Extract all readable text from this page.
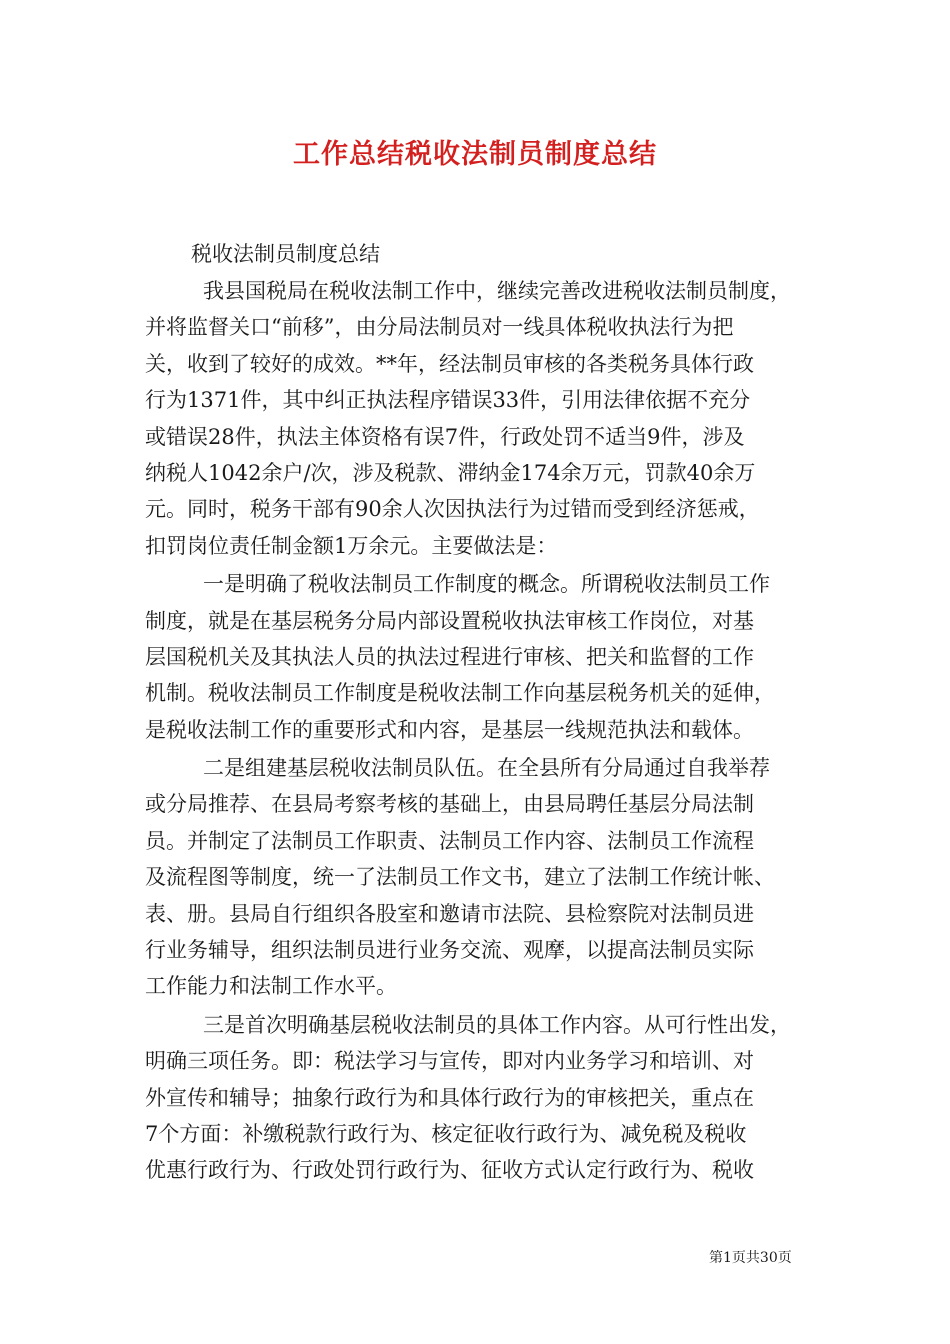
工作总结税收法制员制度总结
税收法制员制度总结
我县国税局在税收法制工作中，继续完善改进税收法制员制度，
并将监督关口“前移”，由分局法制员对一线具体税收执法行为把
关，收到了较好的成效。**年，经法制员审核的各类税务具体行政
行为1371件，其中纠正执法程序错误33件，引用法律依据不充分
或错误28件，执法主体资格有误7件，行政处罚不适当9件，涉及
纳税人1042余户/次，涉及税款、滞纳金174余万元，罚款40余万
元。同时，税务干部有90余人次因执法行为过错而受到经济惩戒，
扣罚岗位责任制金额1万余元。主要做法是：
一是明确了税收法制员工作制度的概念。所谓税收法制员工作
制度，就是在基层税务分局内部设置税收执法审核工作岗位，对基
层国税机关及其执法人员的执法过程进行审核、把关和监督的工作
机制。税收法制员工作制度是税收法制工作向基层税务机关的延伸，
是税收法制工作的重要形式和内容，是基层一线规范执法和载体。
二是组建基层税收法制员队伍。在全县所有分局通过自我举荐
或分局推荐、在县局考察考核的基础上，由县局聘任基层分局法制
员。并制定了法制员工作职责、法制员工作内容、法制员工作流程
及流程图等制度，统一了法制员工作文书，建立了法制工作统计帐、
表、册。县局自行组织各股室和邀请市法院、县检察院对法制员进
行业务辅导，组织法制员进行业务交流、观摩，以提高法制员实际
工作能力和法制工作水平。
三是首次明确基层税收法制员的具体工作内容。从可行性出发，
明确三项任务。即：税法学习与宣传，即对内业务学习和培训、对
外宣传和辅导；抽象行政行为和具体行政行为的审核把关，重点在
7个方面：补缴税款行政行为、核定征收行政行为、减免税及税收
优惠行政行为、行政处罚行政行为、征收方式认定行政行为、税收
第1页共30页
